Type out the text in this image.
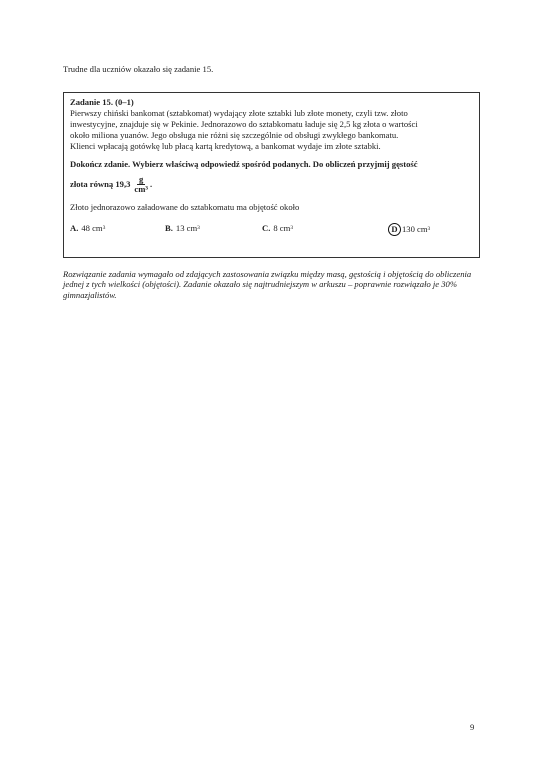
Trudne dla uczniów okazało się zadanie 15.
Zadanie 15. (0–1)
Pierwszy chiński bankomat (sztabkomat) wydający złote sztabki lub złote monety, czyli tzw. złoto
inwestycyjne, znajduje się w Pekinie. Jednorazowo do sztabkomatu ładuje się 2,5 kg złota o wartości
około miliona yuanów. Jego obsługa nie różni się szczególnie od obsługi zwykłego bankomatu.
Klienci wpłacają gotówkę lub płacą kartą kredytową, a bankomat wydaje im złote sztabki.
Dokończ zdanie. Wybierz właściwą odpowiedź spośród podanych. Do obliczeń przyjmij gęstość
złota równą $19,3 \frac{g}{\text{cm³}}$ .
Złoto jednorazowo załadowane do sztabkomatu ma objętość około
A. 48 cm 3	B. 13 cm 3	C. 8 cm 3	D 130 cm 3
Rozwiązanie zadania wymagało od zdających zastosowania związku między masą, gęstością i objętością do obliczenia jednej z tych wielkości (objętości). Zadanie okazało się najtrudniejszym w arkuszu – poprawnie rozwiązało je 30% gimnazjalistów.
9
